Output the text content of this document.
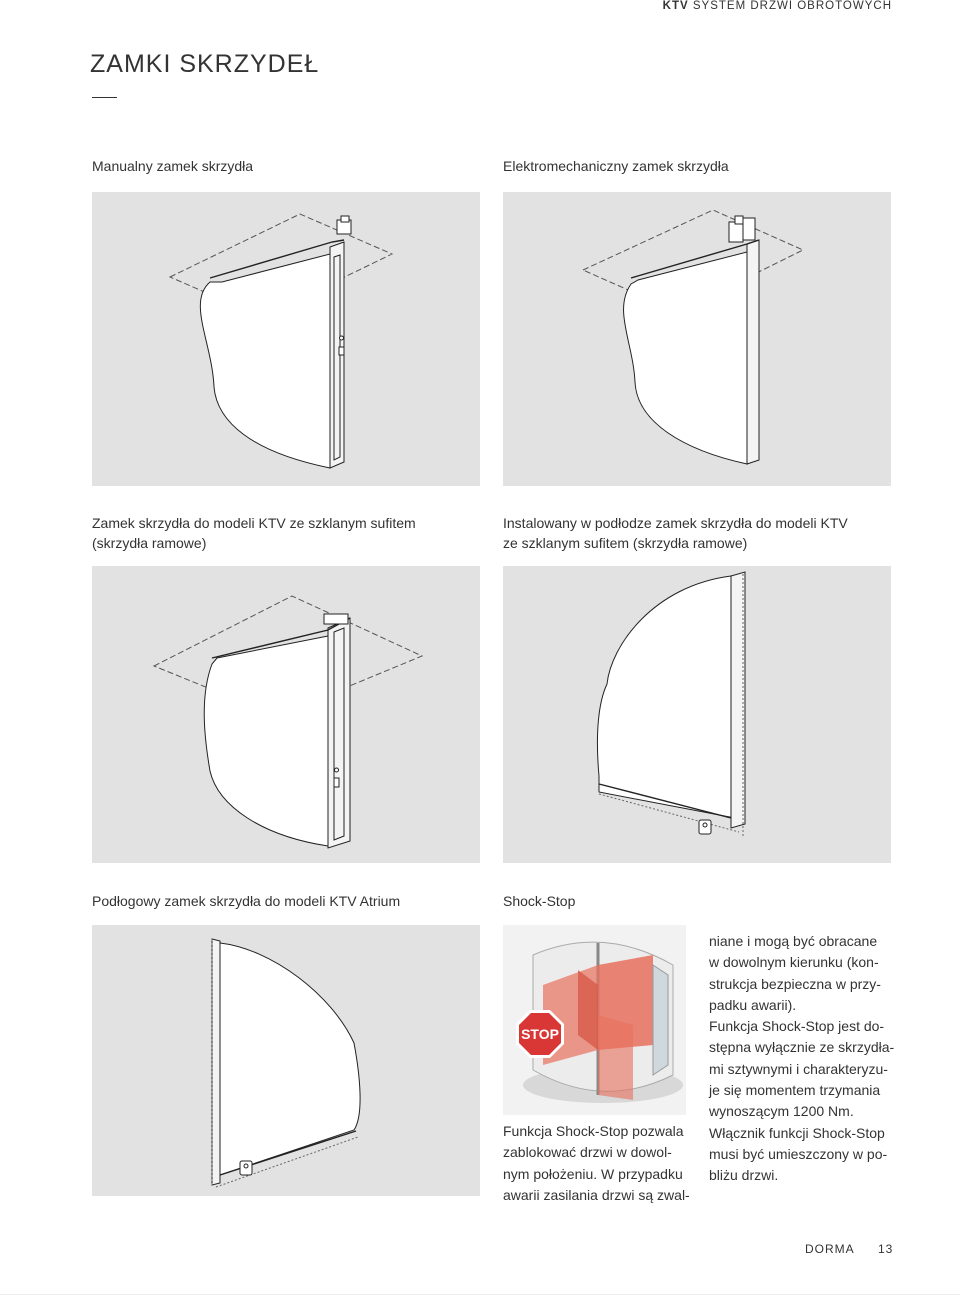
KTV SYSTEM DRZWI OBROTOWYCH
ZAMKI SKRZYDEŁ
Manualny zamek skrzydła	Elektromechaniczny zamek skrzydła
Zamek skrzydła do modeli KTV ze szklanym sufitem
(skrzydła ramowe)
Instalowany w podłodze zamek skrzydła do modeli KTV
ze szklanym sufitem (skrzydła ramowe)
Podłogowy zamek skrzydła do modeli KTV Atrium	Shock-Stop
STOP
Funkcja Shock-Stop pozwala
zablokować drzwi w dowol-
nym położeniu. W przypadku
awarii zasilania drzwi są zwal-
niane i mogą być obracane
w dowolnym kierunku (kon-
strukcja bezpieczna w przy-
padku awarii).
Funkcja Shock-Stop jest do-
stępna wyłącznie ze skrzydła-
mi sztywnymi i charakteryzu-
je się momentem trzymania
wynoszącym 1200 Nm.
Włącznik funkcji Shock-Stop
musi być umieszczony w po-
bliżu drzwi.
DORMA 13
